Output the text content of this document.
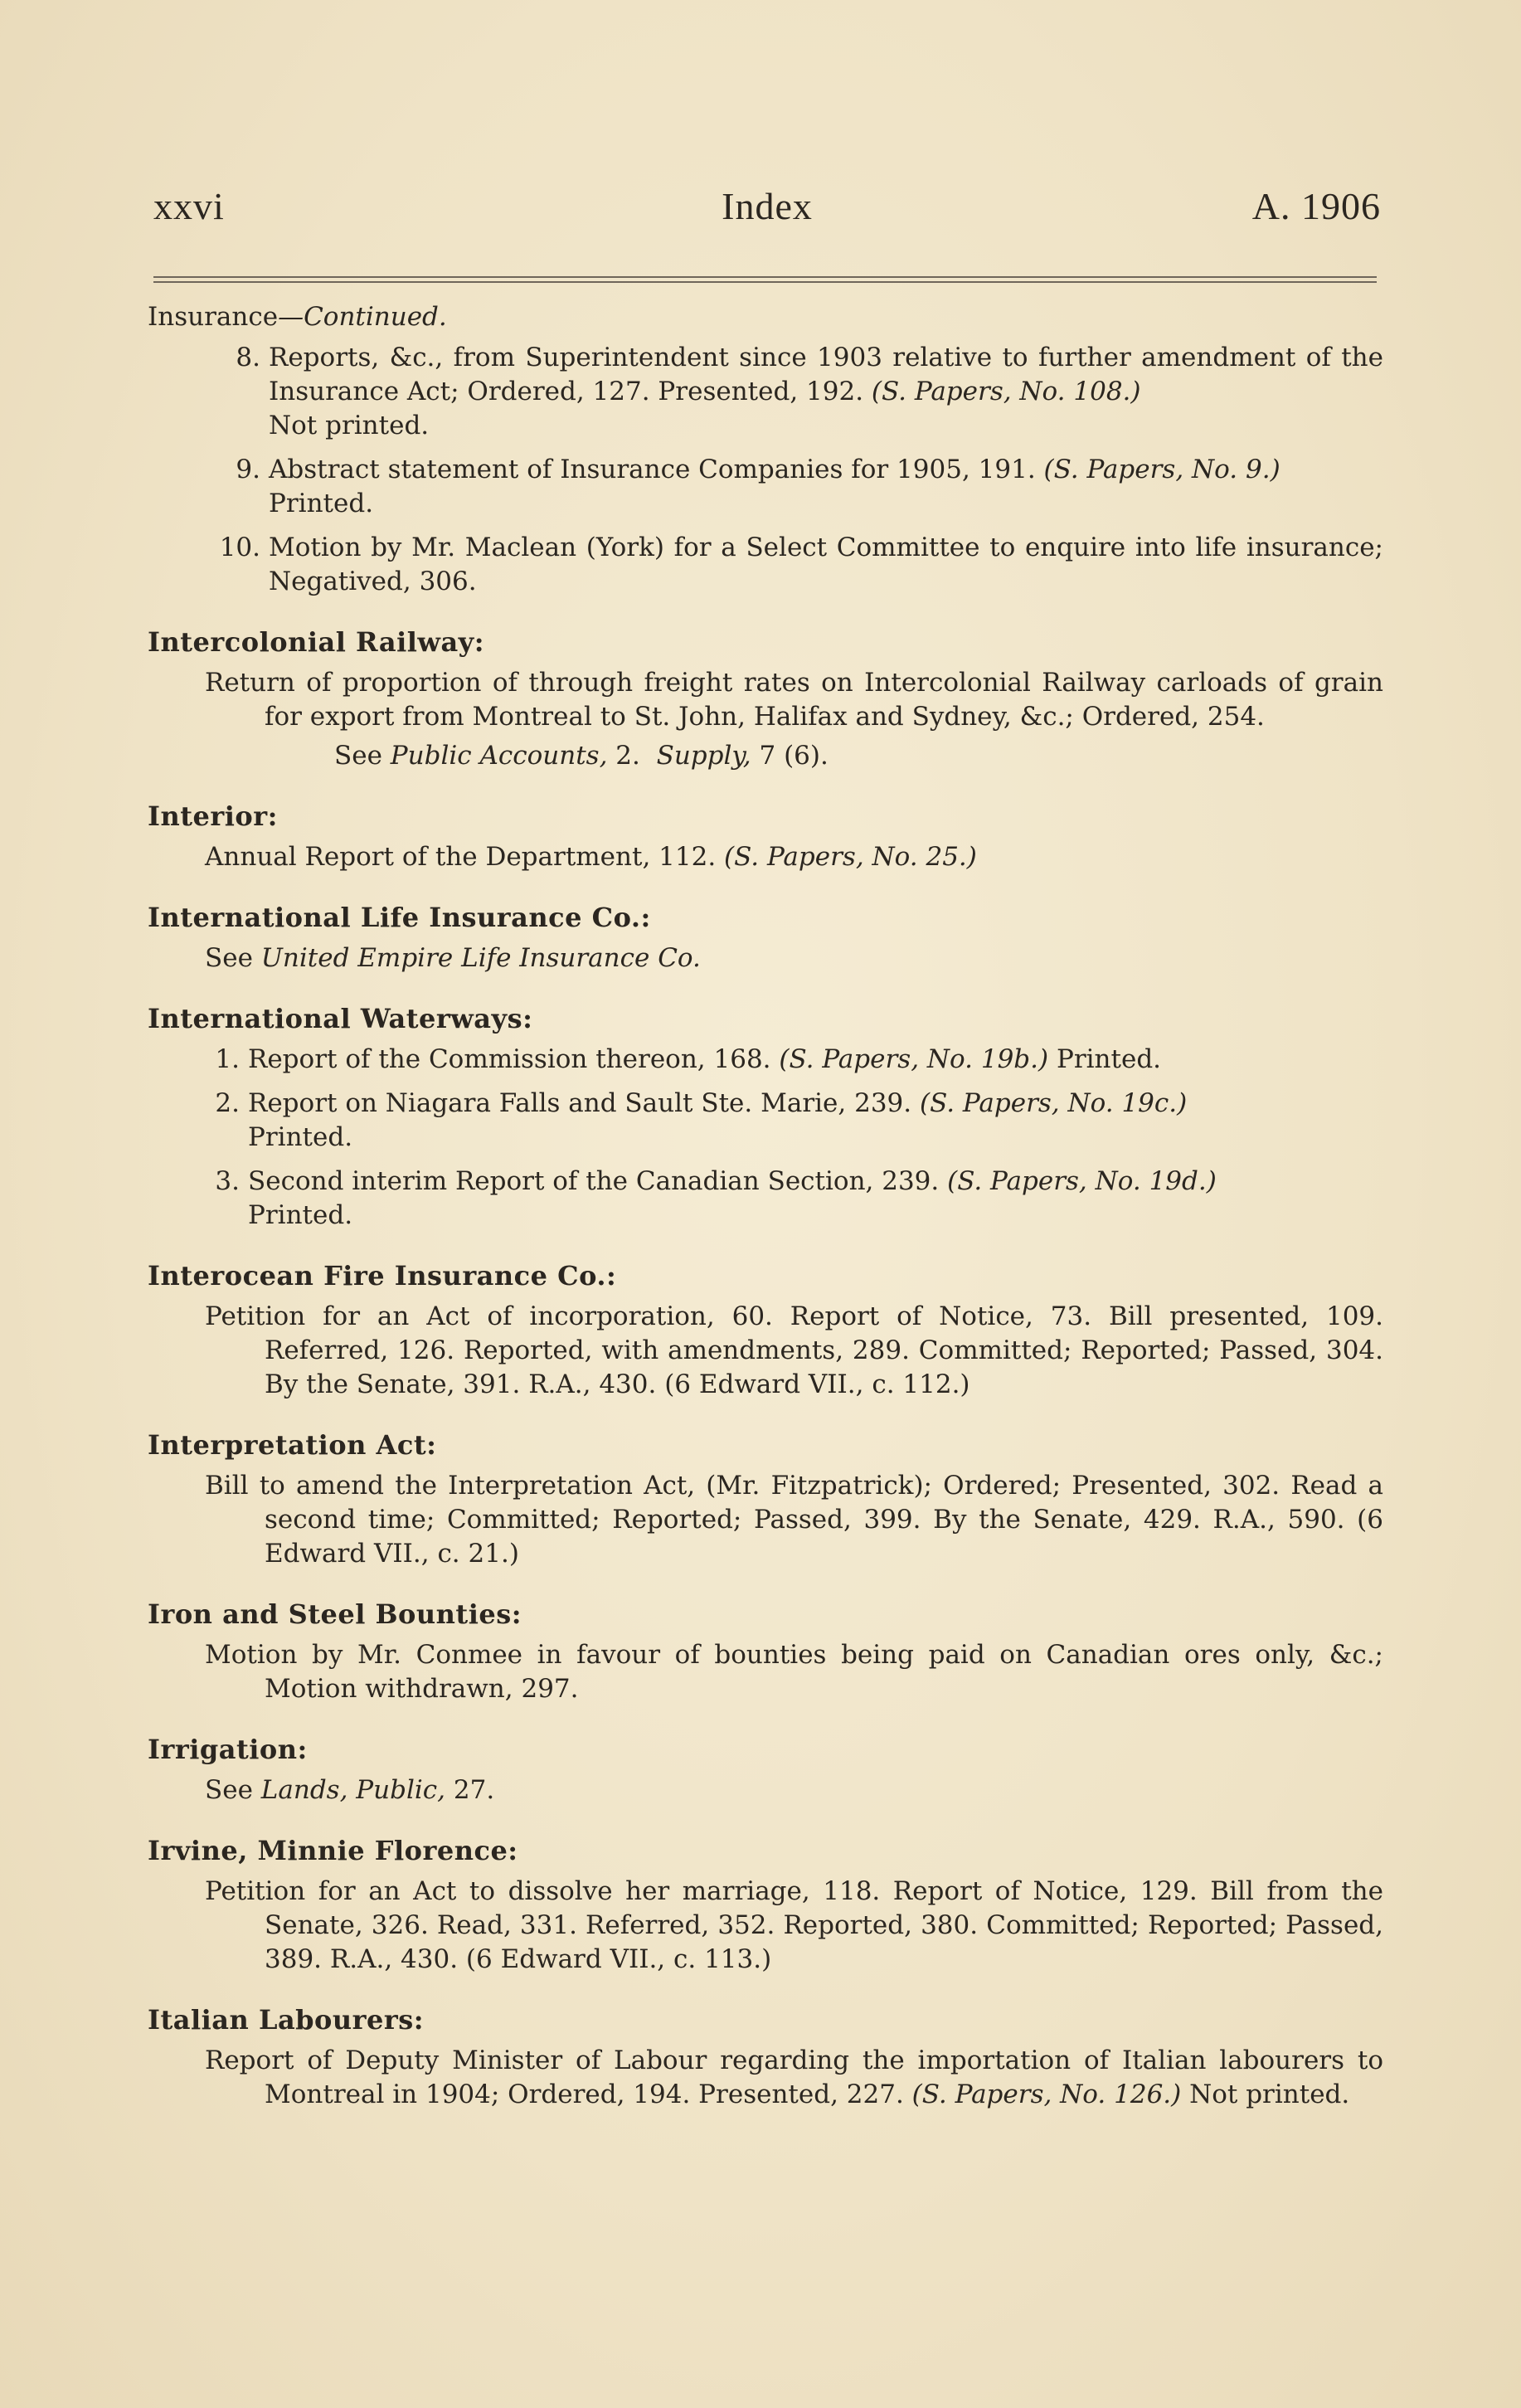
xxvi	Index	A. 1906
Insurance—Continued.
8. Reports, &c., from Superintendent since 1903 relative to further amendment of the Insurance Act; Ordered, 127. Presented, 192. (S. Papers, No. 108.)
Not printed.
9. Abstract statement of Insurance Companies for 1905, 191. (S. Papers, No. 9.)
Printed.
10. Motion by Mr. Maclean (York) for a Select Committee to enquire into life insurance; Negatived, 306.
Intercolonial Railway:
Return of proportion of through freight rates on Intercolonial Railway carloads of grain for export from Montreal to St. John, Halifax and Sydney, &c.; Ordered, 254.
See Public Accounts, 2. Supply, 7 (6).
Interior:
Annual Report of the Department, 112. (S. Papers, No. 25.)
International Life Insurance Co.:
See United Empire Life Insurance Co.
International Waterways:
1. Report of the Commission thereon, 168. (S. Papers, No. 19b.) Printed.
2. Report on Niagara Falls and Sault Ste. Marie, 239. (S. Papers, No. 19c.)
Printed.
3. Second interim Report of the Canadian Section, 239. (S. Papers, No. 19d.)
Printed.
Interocean Fire Insurance Co.:
Petition for an Act of incorporation, 60. Report of Notice, 73. Bill presented, 109. Referred, 126. Reported, with amendments, 289. Committed; Reported; Passed, 304. By the Senate, 391. R.A., 430. (6 Edward VII., c. 112.)
Interpretation Act:
Bill to amend the Interpretation Act, (Mr. Fitzpatrick); Ordered; Presented, 302. Read a second time; Committed; Reported; Passed, 399. By the Senate, 429. R.A., 590. (6 Edward VII., c. 21.)
Iron and Steel Bounties:
Motion by Mr. Conmee in favour of bounties being paid on Canadian ores only, &c.; Motion withdrawn, 297.
Irrigation:
See Lands, Public, 27.
Irvine, Minnie Florence:
Petition for an Act to dissolve her marriage, 118. Report of Notice, 129. Bill from the Senate, 326. Read, 331. Referred, 352. Reported, 380. Committed; Reported; Passed, 389. R.A., 430. (6 Edward VII., c. 113.)
Italian Labourers:
Report of Deputy Minister of Labour regarding the importation of Italian labourers to Montreal in 1904; Ordered, 194. Presented, 227. (S. Papers, No. 126.) Not printed.
